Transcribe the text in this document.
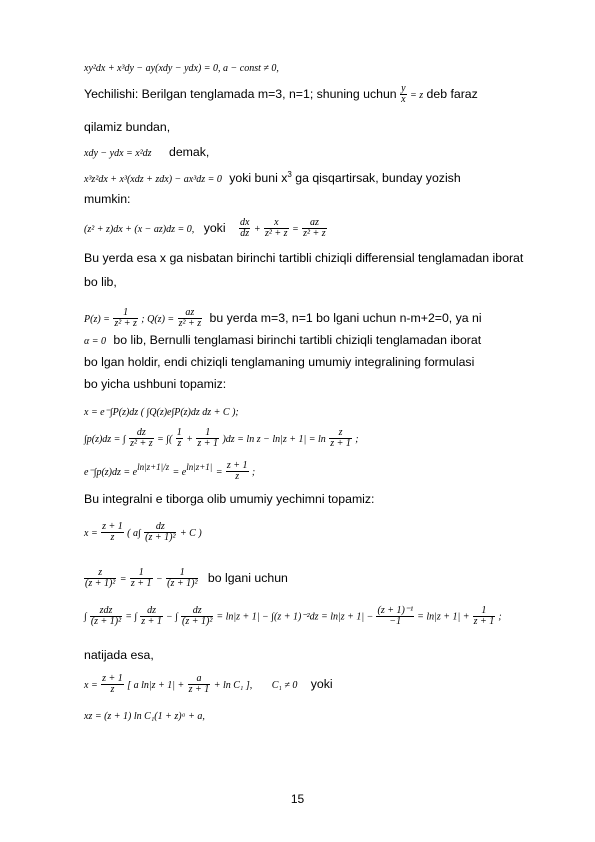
xy²dx + x³dy − ay(xdy − ydx) = 0, a − const ≠ 0,
Yechilishi: Berilgan tenglamada m=3, n=1; shuning uchun $\frac{y}{x} = z$ deb faraz
qilamiz bundan,
xdy − ydx = x²dz demak,
x³z²dx + x³(xdz + zdx) − ax³dz = 0 yoki buni $x^3$ ga qisqartirsak, bunday yozish
mumkin:
(z² + z)dx + (x − az)dz = 0, yoki $\frac{dx}{dz} + \frac{x}{\text{z² + z}} = \frac{az}{\text{z² + z}}$
Bu yerda esa x ga nisbatan birinchi tartibli chiziqli differensial tenglamadan iborat
bo lib,
$P(z) = \frac{1}{\text{z² + z}}$ ; $Q(z) = \frac{az}{\text{z² + z}}$ bu yerda m=3, n=1 bo lgani uchun n-m+2=0, ya ni
α = 0 bo lib, Bernulli tenglamasi birinchi tartibli chiziqli tenglamadan iborat
bo lgan holdir, endi chiziqli tenglamaning umumiy integralining formulasi
bo yicha ushbuni topamiz:
x = e⁻∫P(z)dz ( ∫Q(z)e∫P(z)dz dz + C );
∫p(z)dz = ∫ $\frac{dz}{\text{z² + z}}$ = ∫( $\frac{1}{z} + \frac{1}{z + 1} )dz = \ln z - \ln|z + 1| = \ln \frac{z}{z + 1}$ ;
$e^-\int p(z)dz = e^{ln|z+1|/z} = e^{ln|z+1|} = \frac{z + 1}{z}$ ;
Bu integralni e tiborga olib umumiy yechimni topamiz:
$x = \frac{z + 1}{z}$ ( $a\int \frac{dz}{\text{(z + 1)²}} + C$ )
$\frac{z}{\text{(z + 1)²}} = \frac{1}{z + 1} - \frac{1}{\text{(z + 1)²}}$ bo lgani uchun
∫ $\frac{\text{zdz}}{\text{(z + 1)²}}$ = ∫ $\frac{dz}{z + 1}$ − ∫ $\frac{dz}{\text{(z + 1)²}} = \ln|z + 1| - \int(z + 1)^{-2}dz = \ln|z + 1| - \frac{\text{(z + 1)⁻¹}}{-1} = \ln|z + 1| + \frac{1}{z + 1}$ ;
natijada esa,
$x = \frac{z + 1}{z}$ [ a $\ln|z + 1| + \frac{a}{z + 1} + \ln C_1$ ], C₁ ≠ 0 yoki
xz = (z + 1) ln C₁(1 + z)ᵃ + a,
15
